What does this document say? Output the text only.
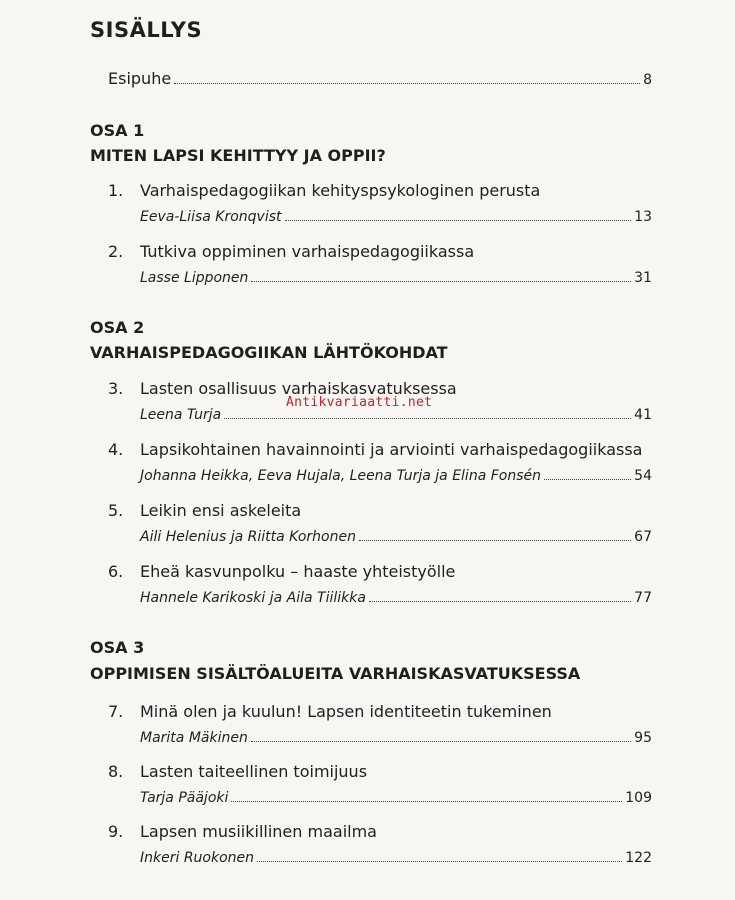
SISÄLLYS
Esipuhe	8
OSA 1
MITEN LAPSI KEHITTYY JA OPPII?
1. Varhaispedagogiikan kehityspsykologinen perusta
Eeva-Liisa Kronqvist	13
2. Tutkiva oppiminen varhaispedagogiikassa
Lasse Lipponen	31
OSA 2
VARHAISPEDAGOGIIKAN LÄHTÖKOHDAT
3. Lasten osallisuus varhaiskasvatuksessa
Leena Turja	41
4. Lapsikohtainen havainnointi ja arviointi varhaispedagogiikassa
Johanna Heikka, Eeva Hujala, Leena Turja ja Elina Fonsén	54
5. Leikin ensi askeleita
Aili Helenius ja Riitta Korhonen	67
6. Eheä kasvunpolku – haaste yhteistyölle
Hannele Karikoski ja Aila Tiilikka	77
OSA 3
OPPIMISEN SISÄLTÖALUEITA VARHAISKASVATUKSESSA
7. Minä olen ja kuulun! Lapsen identiteetin tukeminen
Marita Mäkinen	95
8. Lasten taiteellinen toimijuus
Tarja Pääjoki	109
9. Lapsen musiikillinen maailma
Inkeri Ruokonen	122
Antikvariaatti.net
